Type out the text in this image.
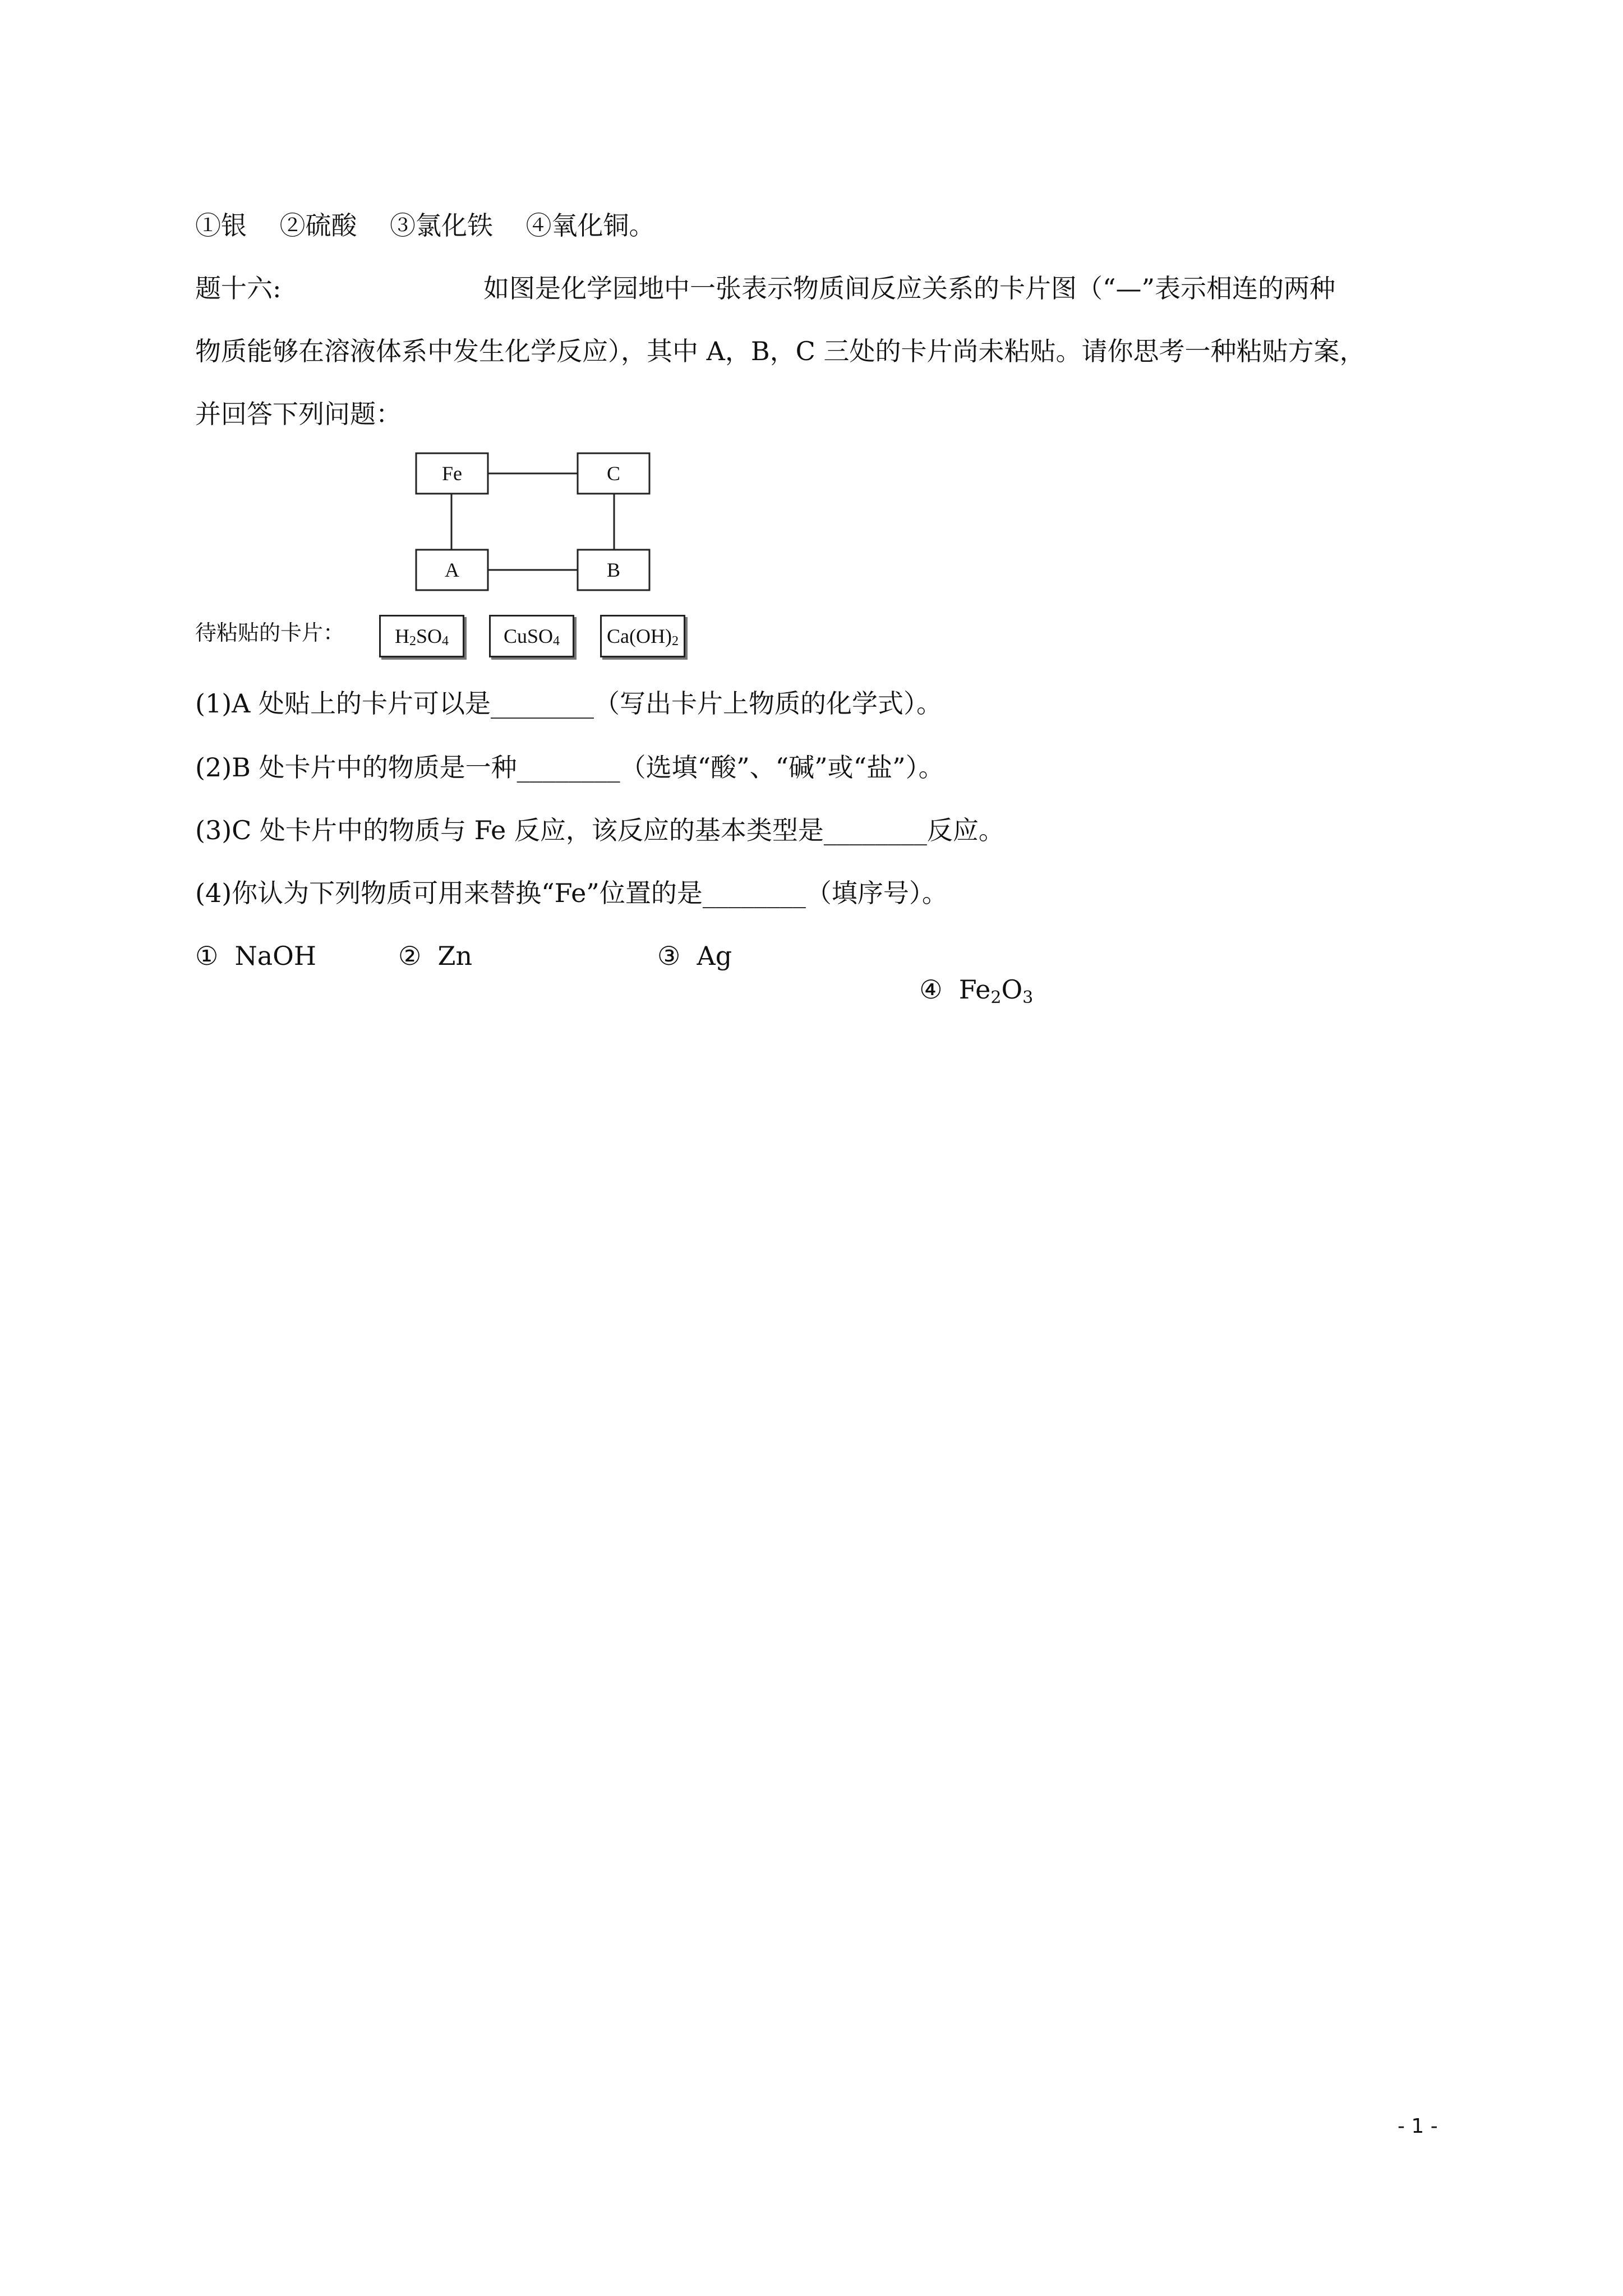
①银    ②硫酸    ③氯化铁    ④氧化铜。
题十六:	如图是化学园地中一张表示物质间反应关系的卡片图（“—”表示相连的两种
物质能够在溶液体系中发生化学反应），其中 A，B，C 三处的卡片尚未粘贴。请你思考一种粘贴方案，
并回答下列问题：
Fe	C
A	B
待粘贴的卡片：	$H_2SO_4$	CuSO$_4$	$Ca(OH)_2$
(1)A 处贴上的卡片可以是________（写出卡片上物质的化学式）。
(2)B 处卡片中的物质是一种________（选填“酸”、“碱”或“盐”）。
(3)C 处卡片中的物质与 Fe 反应，该反应的基本类型是________反应。
(4)你认为下列物质可用来替换“Fe”位置的是________（填序号）。
①  NaOH	②  Zn	③  Ag

④  $Fe_2O_3$

- 1 -
